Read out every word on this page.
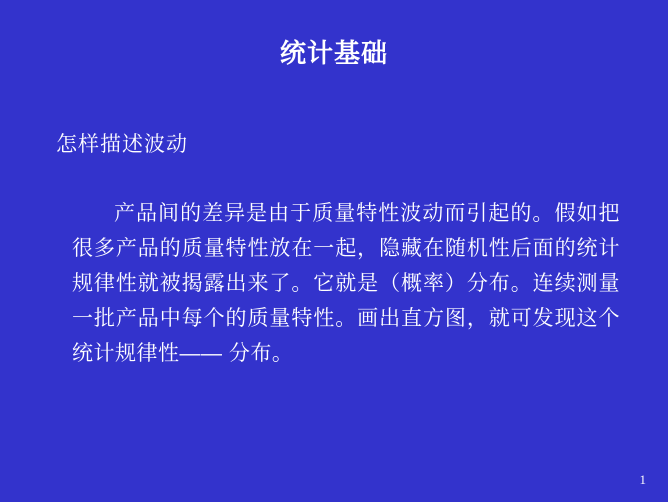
统计基础
怎样描述波动
产品间的差异是由于质量特性波动而引起的。假如把很多产品的质量特性放在一起，隐藏在随机性后面的统计规律性就被揭露出来了。它就是（概率）分布。连续测量一批产品中每个的质量特性。画出直方图，就可发现这个统计规律性—— 分布。
1
